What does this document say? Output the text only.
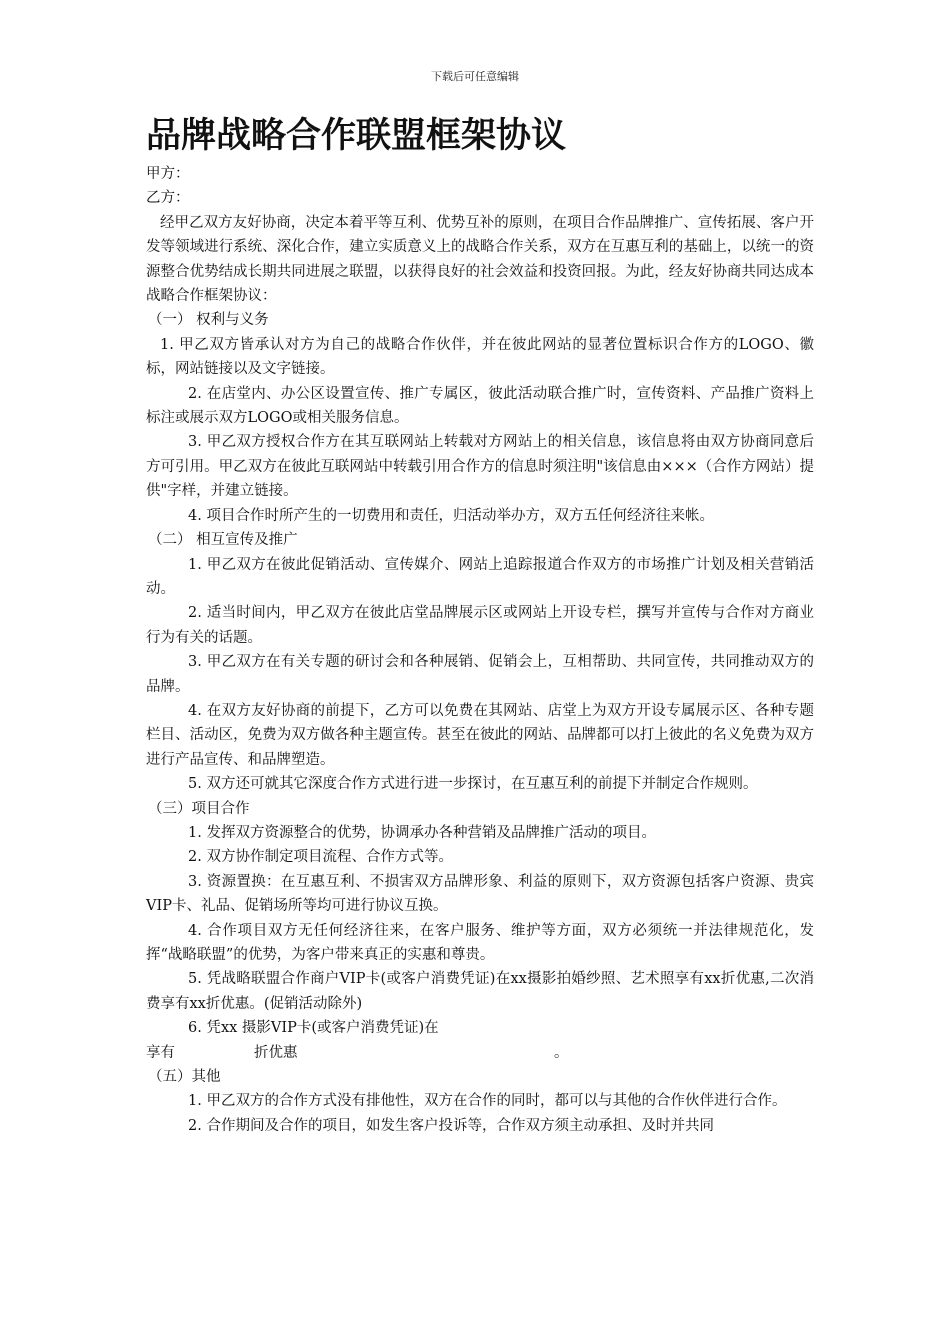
下载后可任意编辑
品牌战略合作联盟框架协议

甲方：

乙方：

经甲乙双方友好协商，决定本着平等互利、优势互补的原则，在项目合作品牌推广、宣传拓展、客户开发等领域进行系统、深化合作，建立实质意义上的战略合作关系，双方在互惠互利的基础上，以统一的资源整合优势结成长期共同进展之联盟，以获得良好的社会效益和投资回报。为此，经友好协商共同达成本战略合作框架协议：

（一） 权利与义务

1. 甲乙双方皆承认对方为自己的战略合作伙伴，并在彼此网站的显著位置标识合作方的LOGO、徽标，网站链接以及文字链接。

2. 在店堂内、办公区设置宣传、推广专属区，彼此活动联合推广时，宣传资料、产品推广资料上标注或展示双方LOGO或相关服务信息。

3. 甲乙双方授权合作方在其互联网站上转载对方网站上的相关信息，该信息将由双方协商同意后方可引用。甲乙双方在彼此互联网站中转载引用合作方的信息时须注明"该信息由×××（合作方网站）提供"字样，并建立链接。

4. 项目合作时所产生的一切费用和责任，归活动举办方，双方五任何经济往来帐。

（二） 相互宣传及推广

1. 甲乙双方在彼此促销活动、宣传媒介、网站上追踪报道合作双方的市场推广计划及相关营销活动。

2. 适当时间内，甲乙双方在彼此店堂品牌展示区或网站上开设专栏，撰写并宣传与合作对方商业行为有关的话题。

3. 甲乙双方在有关专题的研讨会和各种展销、促销会上，互相帮助、共同宣传，共同推动双方的品牌。

4. 在双方友好协商的前提下，乙方可以免费在其网站、店堂上为双方开设专属展示区、各种专题栏目、活动区，免费为双方做各种主题宣传。甚至在彼此的网站、品牌都可以打上彼此的名义免费为双方进行产品宣传、和品牌塑造。

5. 双方还可就其它深度合作方式进行进一步探讨，在互惠互利的前提下并制定合作规则。

（三）项目合作

1. 发挥双方资源整合的优势，协调承办各种营销及品牌推广活动的项目。

2. 双方协作制定项目流程、合作方式等。

3. 资源置换：在互惠互利、不损害双方品牌形象、利益的原则下，双方资源包括客户资源、贵宾VIP卡、礼品、促销场所等均可进行协议互换。

4. 合作项目双方无任何经济往来，在客户服务、维护等方面，双方必须统一并法律规范化，发挥“战略联盟”的优势，为客户带来真正的实惠和尊贵。

5. 凭战略联盟合作商户VIP卡(或客户消费凭证)在xx摄影拍婚纱照、艺术照享有xx折优惠,二次消费享有xx折优惠。(促销活动除外)

6. 凭xx 摄影VIP卡(或客户消费凭证)在

享有	折优惠	。

（五）其他

1. 甲乙双方的合作方式没有排他性，双方在合作的同时，都可以与其他的合作伙伴进行合作。

2. 合作期间及合作的项目，如发生客户投诉等，合作双方须主动承担、及时并共同
